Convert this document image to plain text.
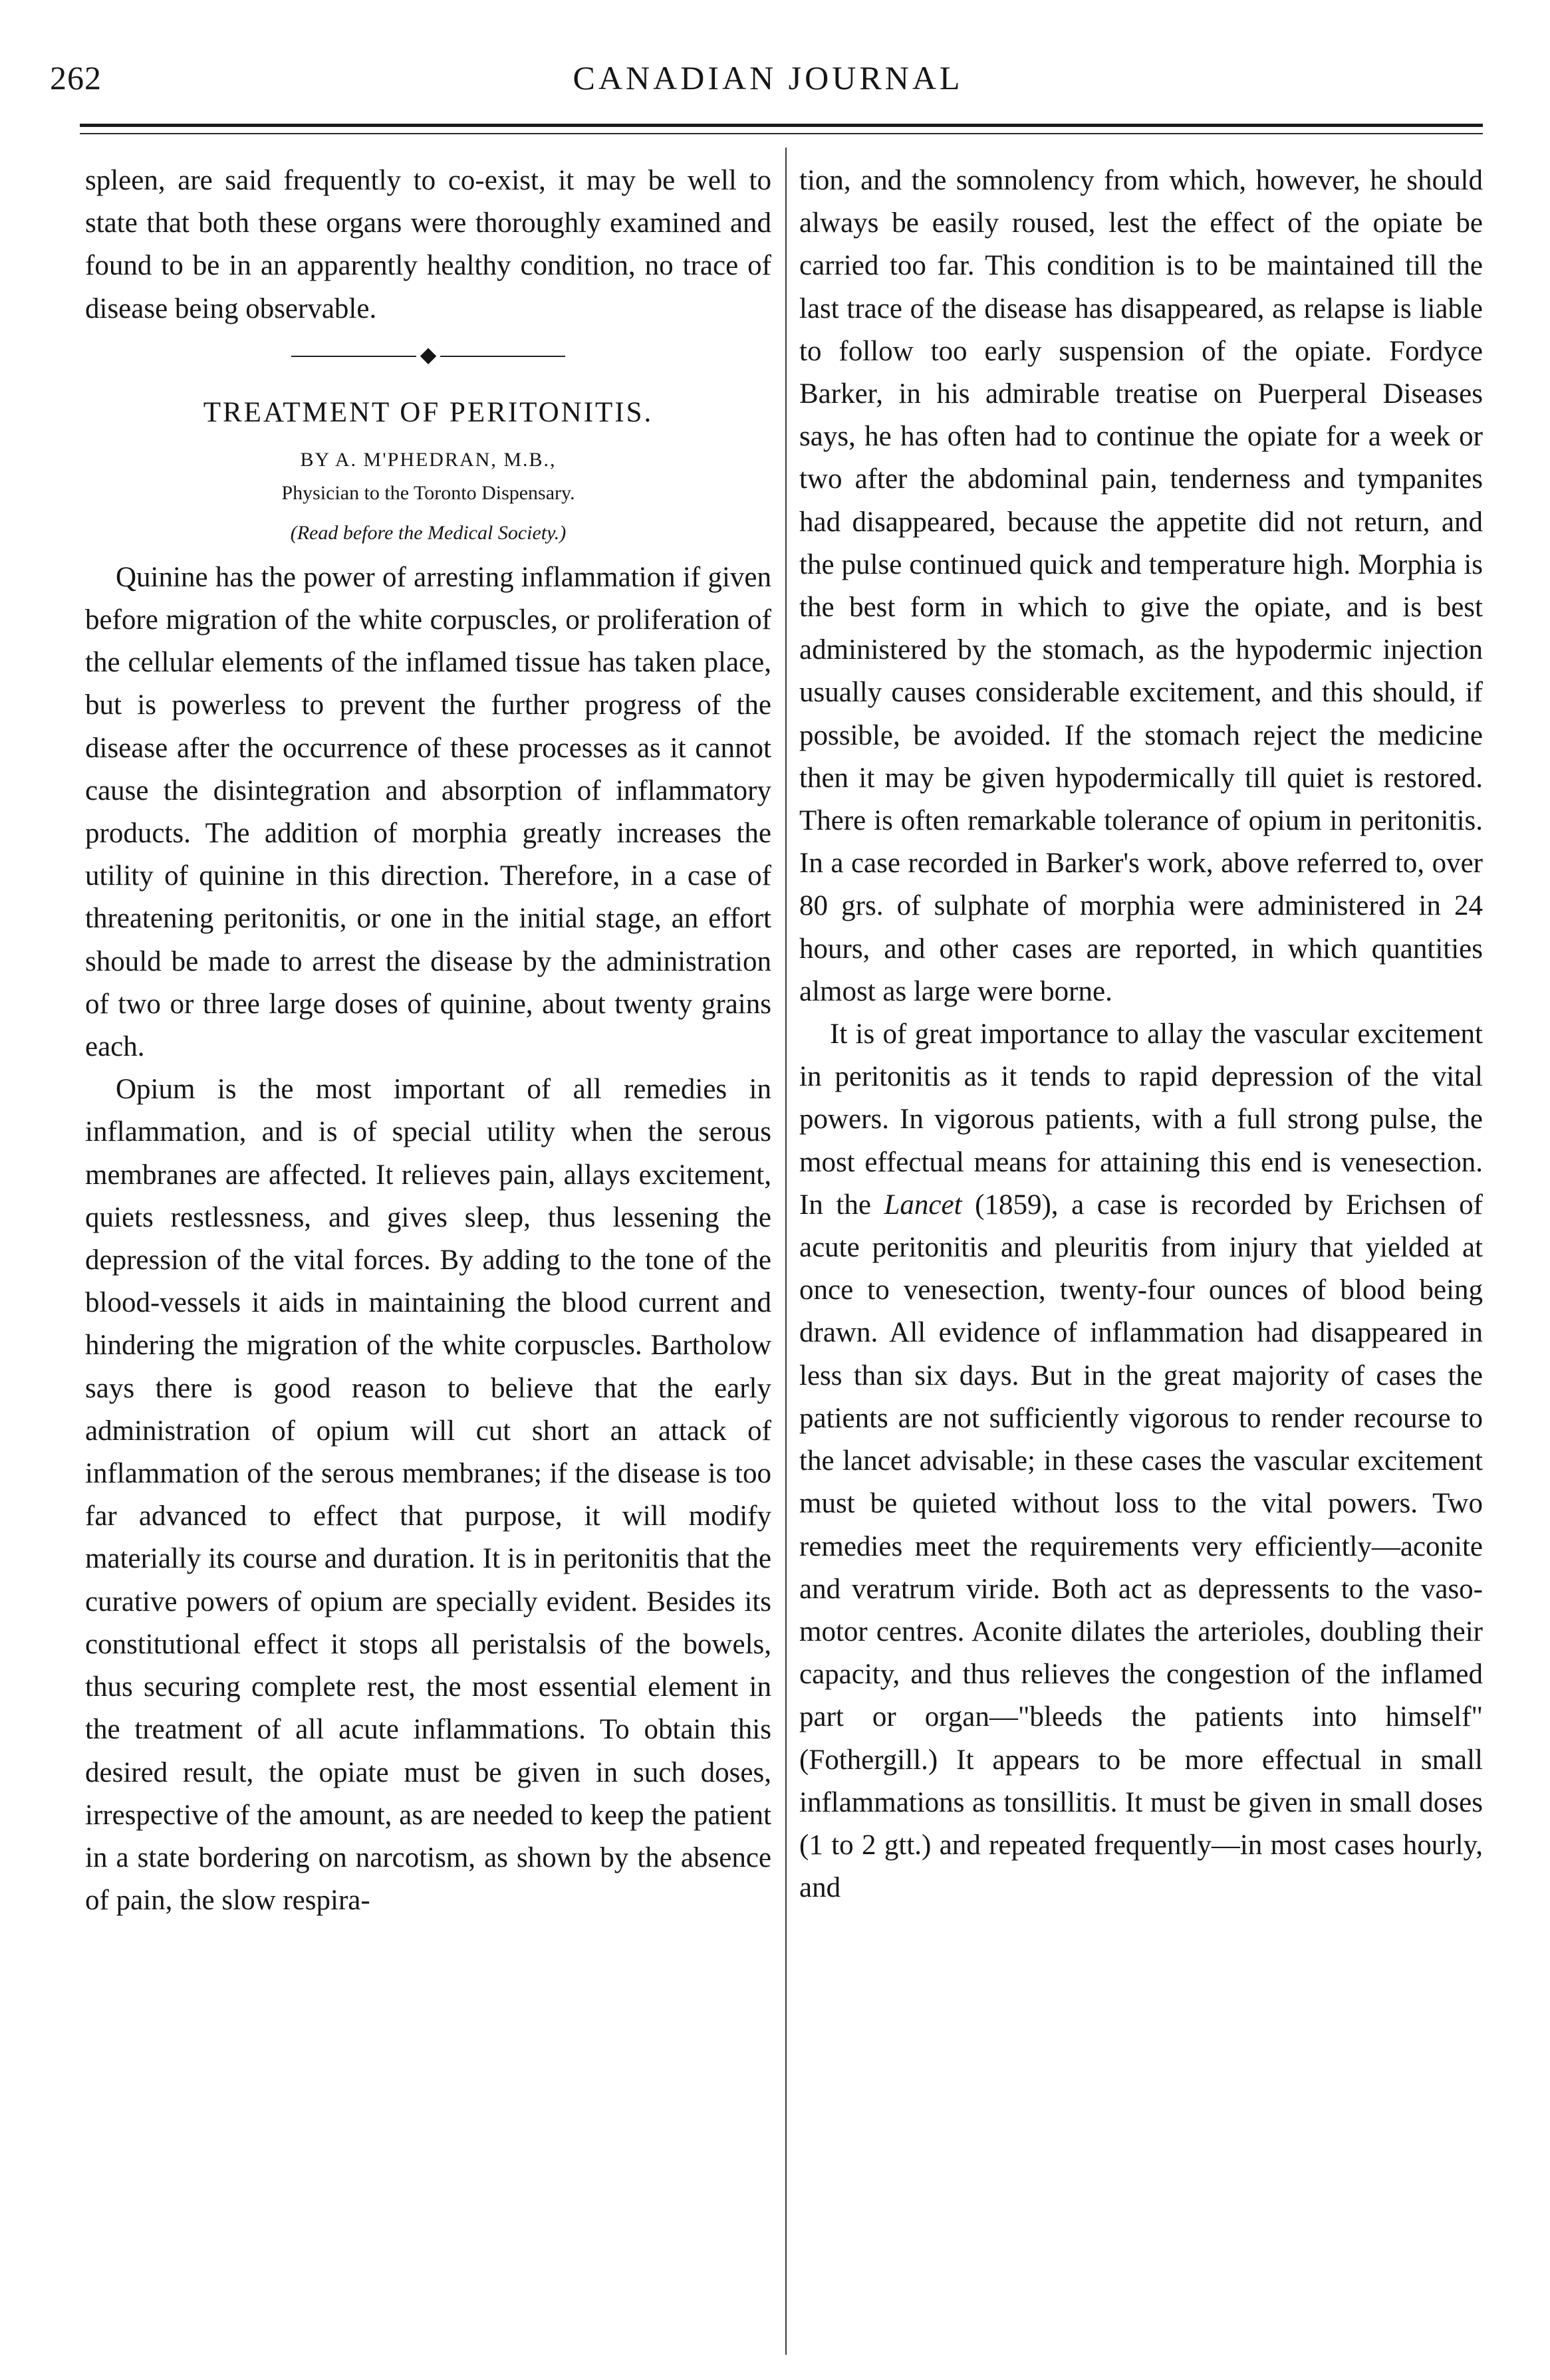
262	CANADIAN JOURNAL

spleen, are said frequently to co-exist, it may be well to state that both these organs were thoroughly examined and found to be in an apparently healthy condition, no trace of disease being observable.

◆
TREATMENT OF PERITONITIS.
BY A. M'PHEDRAN, M.B.,
Physician to the Toronto Dispensary.
(Read before the Medical Society.)

Quinine has the power of arresting inflammation if given before migration of the white corpuscles, or proliferation of the cellular elements of the inflamed tissue has taken place, but is powerless to prevent the further progress of the disease after the occurrence of these processes as it cannot cause the disintegration and absorption of inflammatory products. The addition of morphia greatly increases the utility of quinine in this direction. Therefore, in a case of threatening peritonitis, or one in the initial stage, an effort should be made to arrest the disease by the administration of two or three large doses of quinine, about twenty grains each.

Opium is the most important of all remedies in inflammation, and is of special utility when the serous membranes are affected. It relieves pain, allays excitement, quiets restlessness, and gives sleep, thus lessening the depression of the vital forces. By adding to the tone of the blood-vessels it aids in maintaining the blood current and hindering the migration of the white corpuscles. Bartholow says there is good reason to believe that the early administration of opium will cut short an attack of inflammation of the serous membranes; if the disease is too far advanced to effect that purpose, it will modify materially its course and duration. It is in peritonitis that the curative powers of opium are specially evident. Besides its constitutional effect it stops all peristalsis of the bowels, thus securing complete rest, the most essential element in the treatment of all acute inflammations. To obtain this desired result, the opiate must be given in such doses, irrespective of the amount, as are needed to keep the patient in a state bordering on narcotism, as shown by the absence of pain, the slow respira-

tion, and the somnolency from which, however, he should always be easily roused, lest the effect of the opiate be carried too far. This condition is to be maintained till the last trace of the disease has disappeared, as relapse is liable to follow too early suspension of the opiate. Fordyce Barker, in his admirable treatise on Puerperal Diseases says, he has often had to continue the opiate for a week or two after the abdominal pain, tenderness and tympanites had disappeared, because the appetite did not return, and the pulse continued quick and temperature high. Morphia is the best form in which to give the opiate, and is best administered by the stomach, as the hypodermic injection usually causes considerable excitement, and this should, if possible, be avoided. If the stomach reject the medicine then it may be given hypodermically till quiet is restored. There is often remarkable tolerance of opium in peritonitis. In a case recorded in Barker's work, above referred to, over 80 grs. of sulphate of morphia were administered in 24 hours, and other cases are reported, in which quantities almost as large were borne.

It is of great importance to allay the vascular excitement in peritonitis as it tends to rapid depression of the vital powers. In vigorous patients, with a full strong pulse, the most effectual means for attaining this end is venesection. In the Lancet (1859), a case is recorded by Erichsen of acute peritonitis and pleuritis from injury that yielded at once to venesection, twenty-four ounces of blood being drawn. All evidence of inflammation had disappeared in less than six days. But in the great majority of cases the patients are not sufficiently vigorous to render recourse to the lancet advisable; in these cases the vascular excitement must be quieted without loss to the vital powers. Two remedies meet the requirements very efficiently—aconite and veratrum viride. Both act as depressents to the vaso-motor centres. Aconite dilates the arterioles, doubling their capacity, and thus relieves the congestion of the inflamed part or organ—"bleeds the patients into himself" (Fothergill.) It appears to be more effectual in small inflammations as tonsillitis. It must be given in small doses (1 to 2 gtt.) and repeated frequently—in most cases hourly, and
